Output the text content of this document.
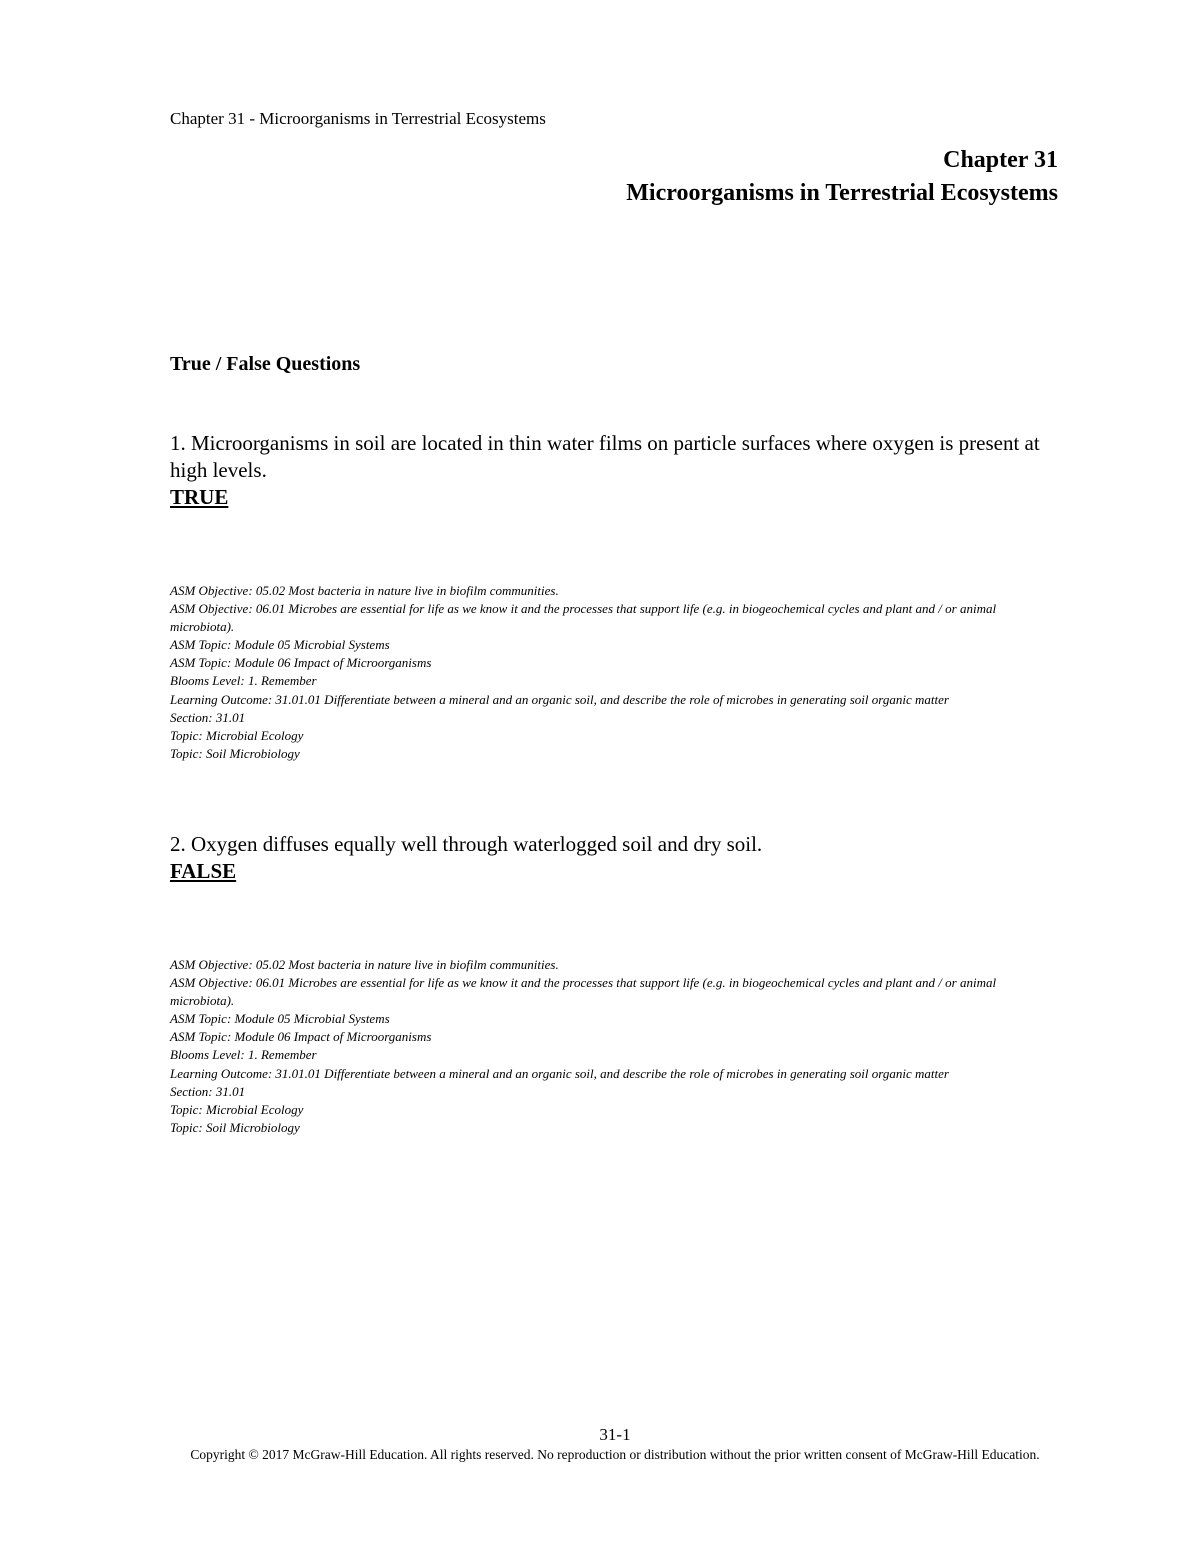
Chapter 31 - Microorganisms in Terrestrial Ecosystems
Chapter 31
Microorganisms in Terrestrial Ecosystems
True / False Questions
1. Microorganisms in soil are located in thin water films on particle surfaces where oxygen is present at high levels.
TRUE
ASM Objective: 05.02 Most bacteria in nature live in biofilm communities.
ASM Objective: 06.01 Microbes are essential for life as we know it and the processes that support life (e.g. in biogeochemical cycles and plant and / or animal microbiota).
ASM Topic: Module 05 Microbial Systems
ASM Topic: Module 06 Impact of Microorganisms
Blooms Level: 1. Remember
Learning Outcome: 31.01.01 Differentiate between a mineral and an organic soil, and describe the role of microbes in generating soil organic matter
Section: 31.01
Topic: Microbial Ecology
Topic: Soil Microbiology
2. Oxygen diffuses equally well through waterlogged soil and dry soil.
FALSE
ASM Objective: 05.02 Most bacteria in nature live in biofilm communities.
ASM Objective: 06.01 Microbes are essential for life as we know it and the processes that support life (e.g. in biogeochemical cycles and plant and / or animal microbiota).
ASM Topic: Module 05 Microbial Systems
ASM Topic: Module 06 Impact of Microorganisms
Blooms Level: 1. Remember
Learning Outcome: 31.01.01 Differentiate between a mineral and an organic soil, and describe the role of microbes in generating soil organic matter
Section: 31.01
Topic: Microbial Ecology
Topic: Soil Microbiology
31-1
Copyright © 2017 McGraw-Hill Education. All rights reserved. No reproduction or distribution without the prior written consent of McGraw-Hill Education.
